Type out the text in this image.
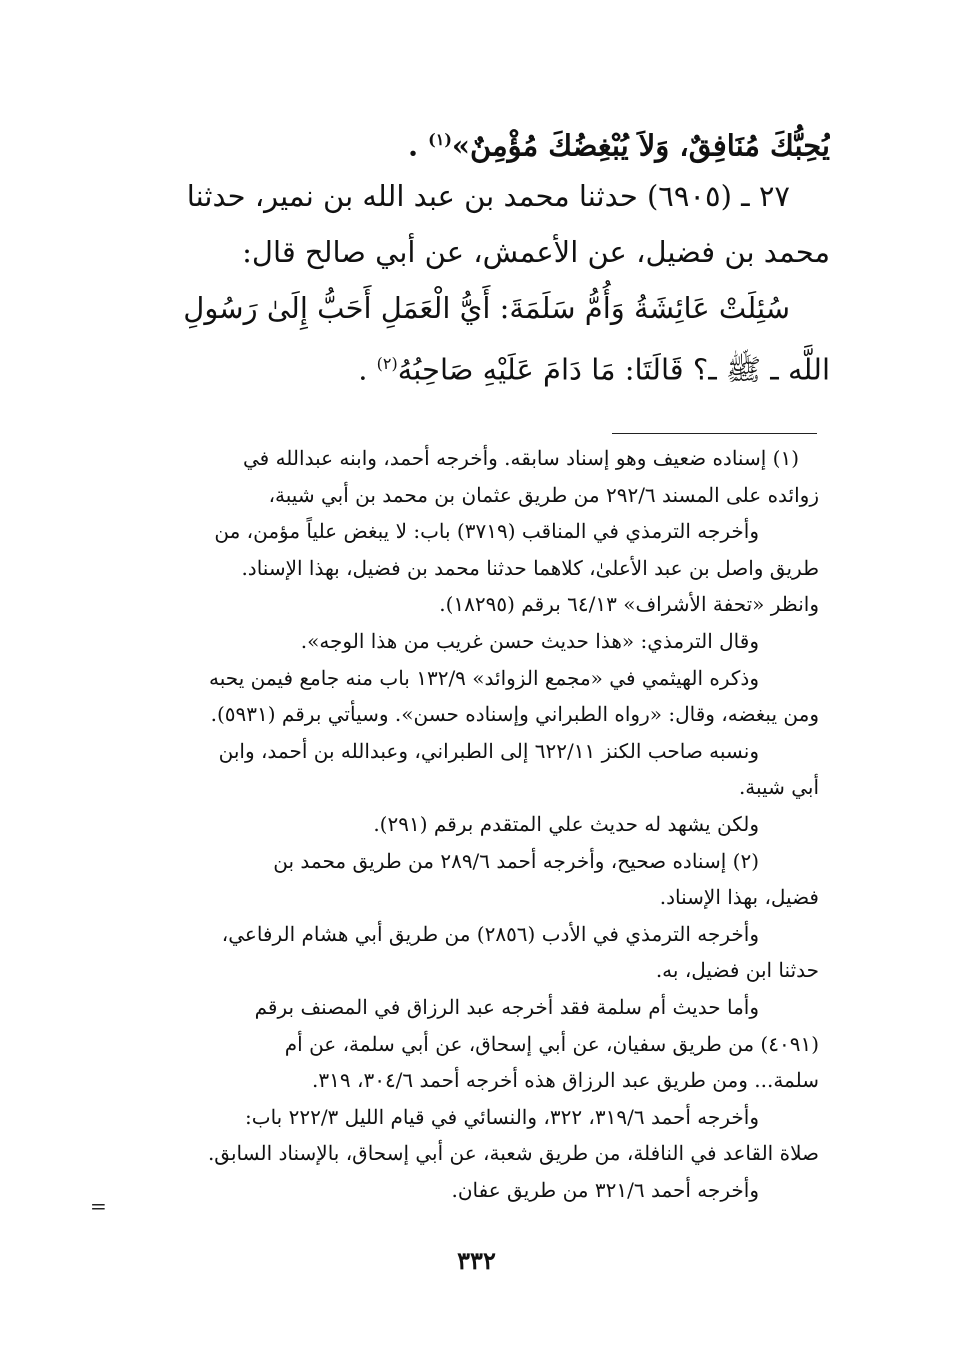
يُحِبُّكَ مُنَافِقٌ، وَلاَ يُبْغِضُكَ مُؤْمِنٌ»$^{(١)}$ .
٢٧ ـ (٦٩٠٥) حدثنا محمد بن عبد الله بن نمير، حدثنا
محمد بن فضيل، عن الأعمش، عن أبي صالح قال:
سُئِلَتْ عَائِشَةُ وَأُمُّ سَلَمَةَ: أَيُّ الْعَمَلِ أَحَبُّ إِلَىٰ رَسُولِ
اللَّه ـ ﷺ ـ؟ قَالَتَا: مَا دَامَ عَلَيْهِ صَاحِبُهُ$^{(٢)}$ .
(١) إسناده ضعيف وهو إسناد سابقه. وأخرجه أحمد، وابنه عبدالله في
زوائده على المسند ٢٩٢/٦ من طريق عثمان بن محمد بن أبي شيبة،
وأخرجه الترمذي في المناقب (٣٧١٩) باب: لا يبغض علياً مؤمن، من
طريق واصل بن عبد الأعلىٰ، كلاهما حدثنا محمد بن فضيل، بهذا الإسناد.
وانظر «تحفة الأشراف» ٦٤/١٣ برقم (١٨٢٩٥).
وقال الترمذي: «هذا حديث حسن غريب من هذا الوجه».
وذكره الهيثمي في «مجمع الزوائد» ١٣٢/٩ باب منه جامع فيمن يحبه
ومن يبغضه، وقال: «رواه الطبراني وإسناده حسن». وسيأتي برقم (٥٩٣١).
ونسبه صاحب الكنز ٦٢٢/١١ إلى الطبراني، وعبدالله بن أحمد، وابن
أبي شيبة.
ولكن يشهد له حديث علي المتقدم برقم (٢٩١).
(٢) إسناده صحيح، وأخرجه أحمد ٢٨٩/٦ من طريق محمد بن
فضيل، بهذا الإسناد.
وأخرجه الترمذي في الأدب (٢٨٥٦) من طريق أبي هشام الرفاعي،
حدثنا ابن فضيل، به.
وأما حديث أم سلمة فقد أخرجه عبد الرزاق في المصنف برقم
(٤٠٩١) من طريق سفيان، عن أبي إسحاق، عن أبي سلمة، عن أم
سلمة... ومن طريق عبد الرزاق هذه أخرجه أحمد ٣٠٤/٦، ٣١٩.
وأخرجه أحمد ٣١٩/٦، ٣٢٢، والنسائي في قيام الليل ٢٢٢/٣ باب:
صلاة القاعد في النافلة، من طريق شعبة، عن أبي إسحاق، بالإسناد السابق.
وأخرجه أحمد ٣٢١/٦ من طريق عفان.
=
٣٣٢
